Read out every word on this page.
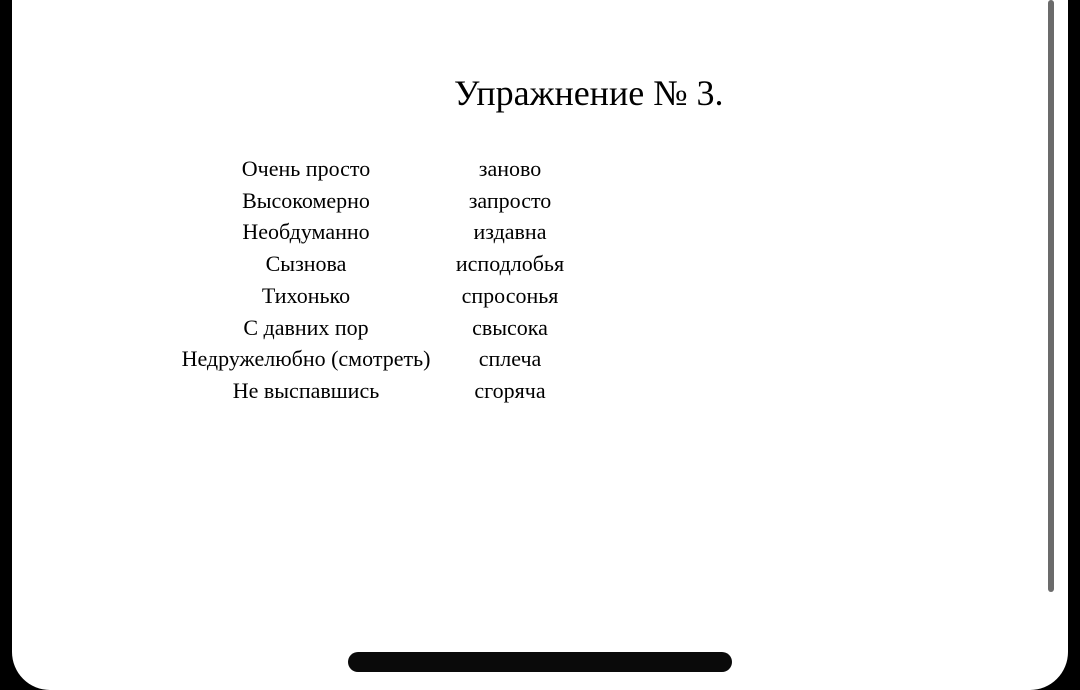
Упражнение № 3.
Очень просто
Высокомерно
Необдуманно
Сызнова
Тихонько
С давних пор
Недружелюбно (смотреть)
Не выспавшись
заново
запросто
издавна
исподлобья
спросонья
свысока
сплеча
сгоряча
